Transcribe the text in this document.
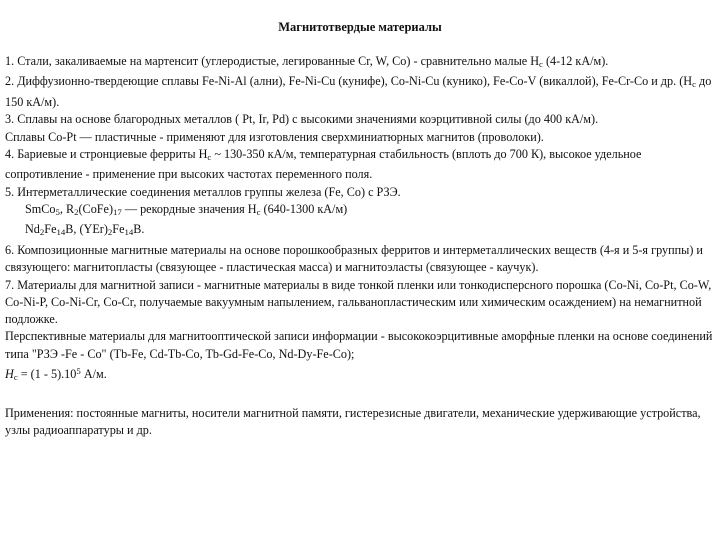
Магнитотвердые материалы

1. Стали, закаливаемые на мартенсит (углеродистые, легированные Cr, W, Co) - сравнительно малые $H_c$ (4-12 кА/м).

2. Диффузионно-твердеющие сплавы Fe-Ni-Al (ални), Fe-Ni-Cu (кунифе), Co-Ni-Cu (кунико), Fe-Co-V (викаллой), Fe-Cr-Co и др. ($H_c$ до 150 кА/м).

3. Сплавы на основе благородных металлов ( Pt, Ir, Pd) с высокими значениями коэрцитивной силы (до 400 кА/м).

Сплавы Co-Pt — пластичные - применяют для изготовления сверхминиатюрных магнитов (проволоки).

4. Бариевые и стронциевые ферриты $H_c$ ~ 130-350 кА/м, температурная стабильность (вплоть до 700 К), высокое удельное сопротивление - применение при высоких частотах переменного поля.

5. Интерметаллические соединения металлов группы железа (Fe, Co) с РЗЭ.

SmCo$_5$, $R_2(CoFe)_{17}$ — рекордные значения $H_c$ (640-1300 кА/м)

$Nd_2Fe_{14}B$, $(YEr)_2Fe_{14}B$.

6. Композиционные магнитные материалы на основе порошкообразных ферритов и интерметаллических веществ (4-я и 5-я группы) и связующего: магнитопласты (связующее - пластическая масса) и магнитоэласты (связующее - каучук).

7. Материалы для магнитной записи - магнитные материалы в виде тонкой пленки или тонкодисперсного порошка (Co-Ni, Co-Pt, Co-W, Co-Ni-P, Co-Ni-Cr, Co-Cr, получаемые вакуумным напылением, гальванопластическим или химическим осаждением) на немагнитной подложке.

Перспективные материалы для магнитооптической записи информации - высококоэрцитивные аморфные пленки на основе соединений типа "РЗЭ -Fe - Co" (Tb-Fe, Cd-Tb-Co, Tb-Gd-Fe-Co, Nd-Dy-Fe-Co);

$H_c = (1 - 5).10^5$ А/м.

Применения: постоянные магниты, носители магнитной памяти, гистерезисные двигатели, механические удерживающие устройства, узлы радиоаппаратуры и др.
